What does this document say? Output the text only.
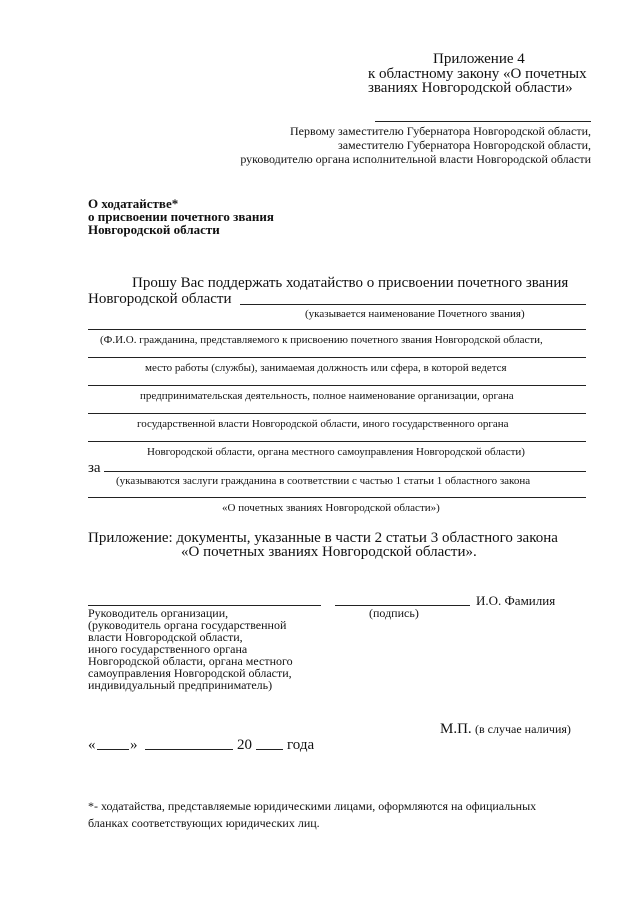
Приложение 4
к областному закону «О почетных
званиях Новгородской области»
Первому заместителю Губернатора Новгородской области,
заместителю Губернатора Новгородской области,
руководителю органа исполнительной власти Новгородской области
О ходатайстве*
о присвоении почетного звания
Новгородской области
Прошу Вас поддержать ходатайство о присвоении почетного звания
Новгородской области
(указывается наименование Почетного звания)
(Ф.И.О. гражданина, представляемого к присвоению почетного звания Новгородской области,
место работы (службы), занимаемая должность или сфера, в которой ведется
предпринимательская деятельность, полное наименование организации, органа
государственной власти Новгородской области, иного государственного органа
Новгородской области, органа местного самоуправления Новгородской области)
за
(указываются заслуги гражданина в соответствии с частью 1 статьи 1 областного закона
«О почетных званиях Новгородской области»)
Приложение: документы, указанные в части 2 статьи 3 областного закона
«О почетных званиях Новгородской области».
И.О. Фамилия
(подпись)
Руководитель организации,
(руководитель органа государственной
власти Новгородской области,
иного государственного органа
Новгородской области, органа местного
самоуправления Новгородской области,
индивидуальный предприниматель)
М.П. (в случае наличия)
« »	20 года
*- ходатайства, представляемые юридическими лицами, оформляются на официальных
бланках соответствующих юридических лиц.
